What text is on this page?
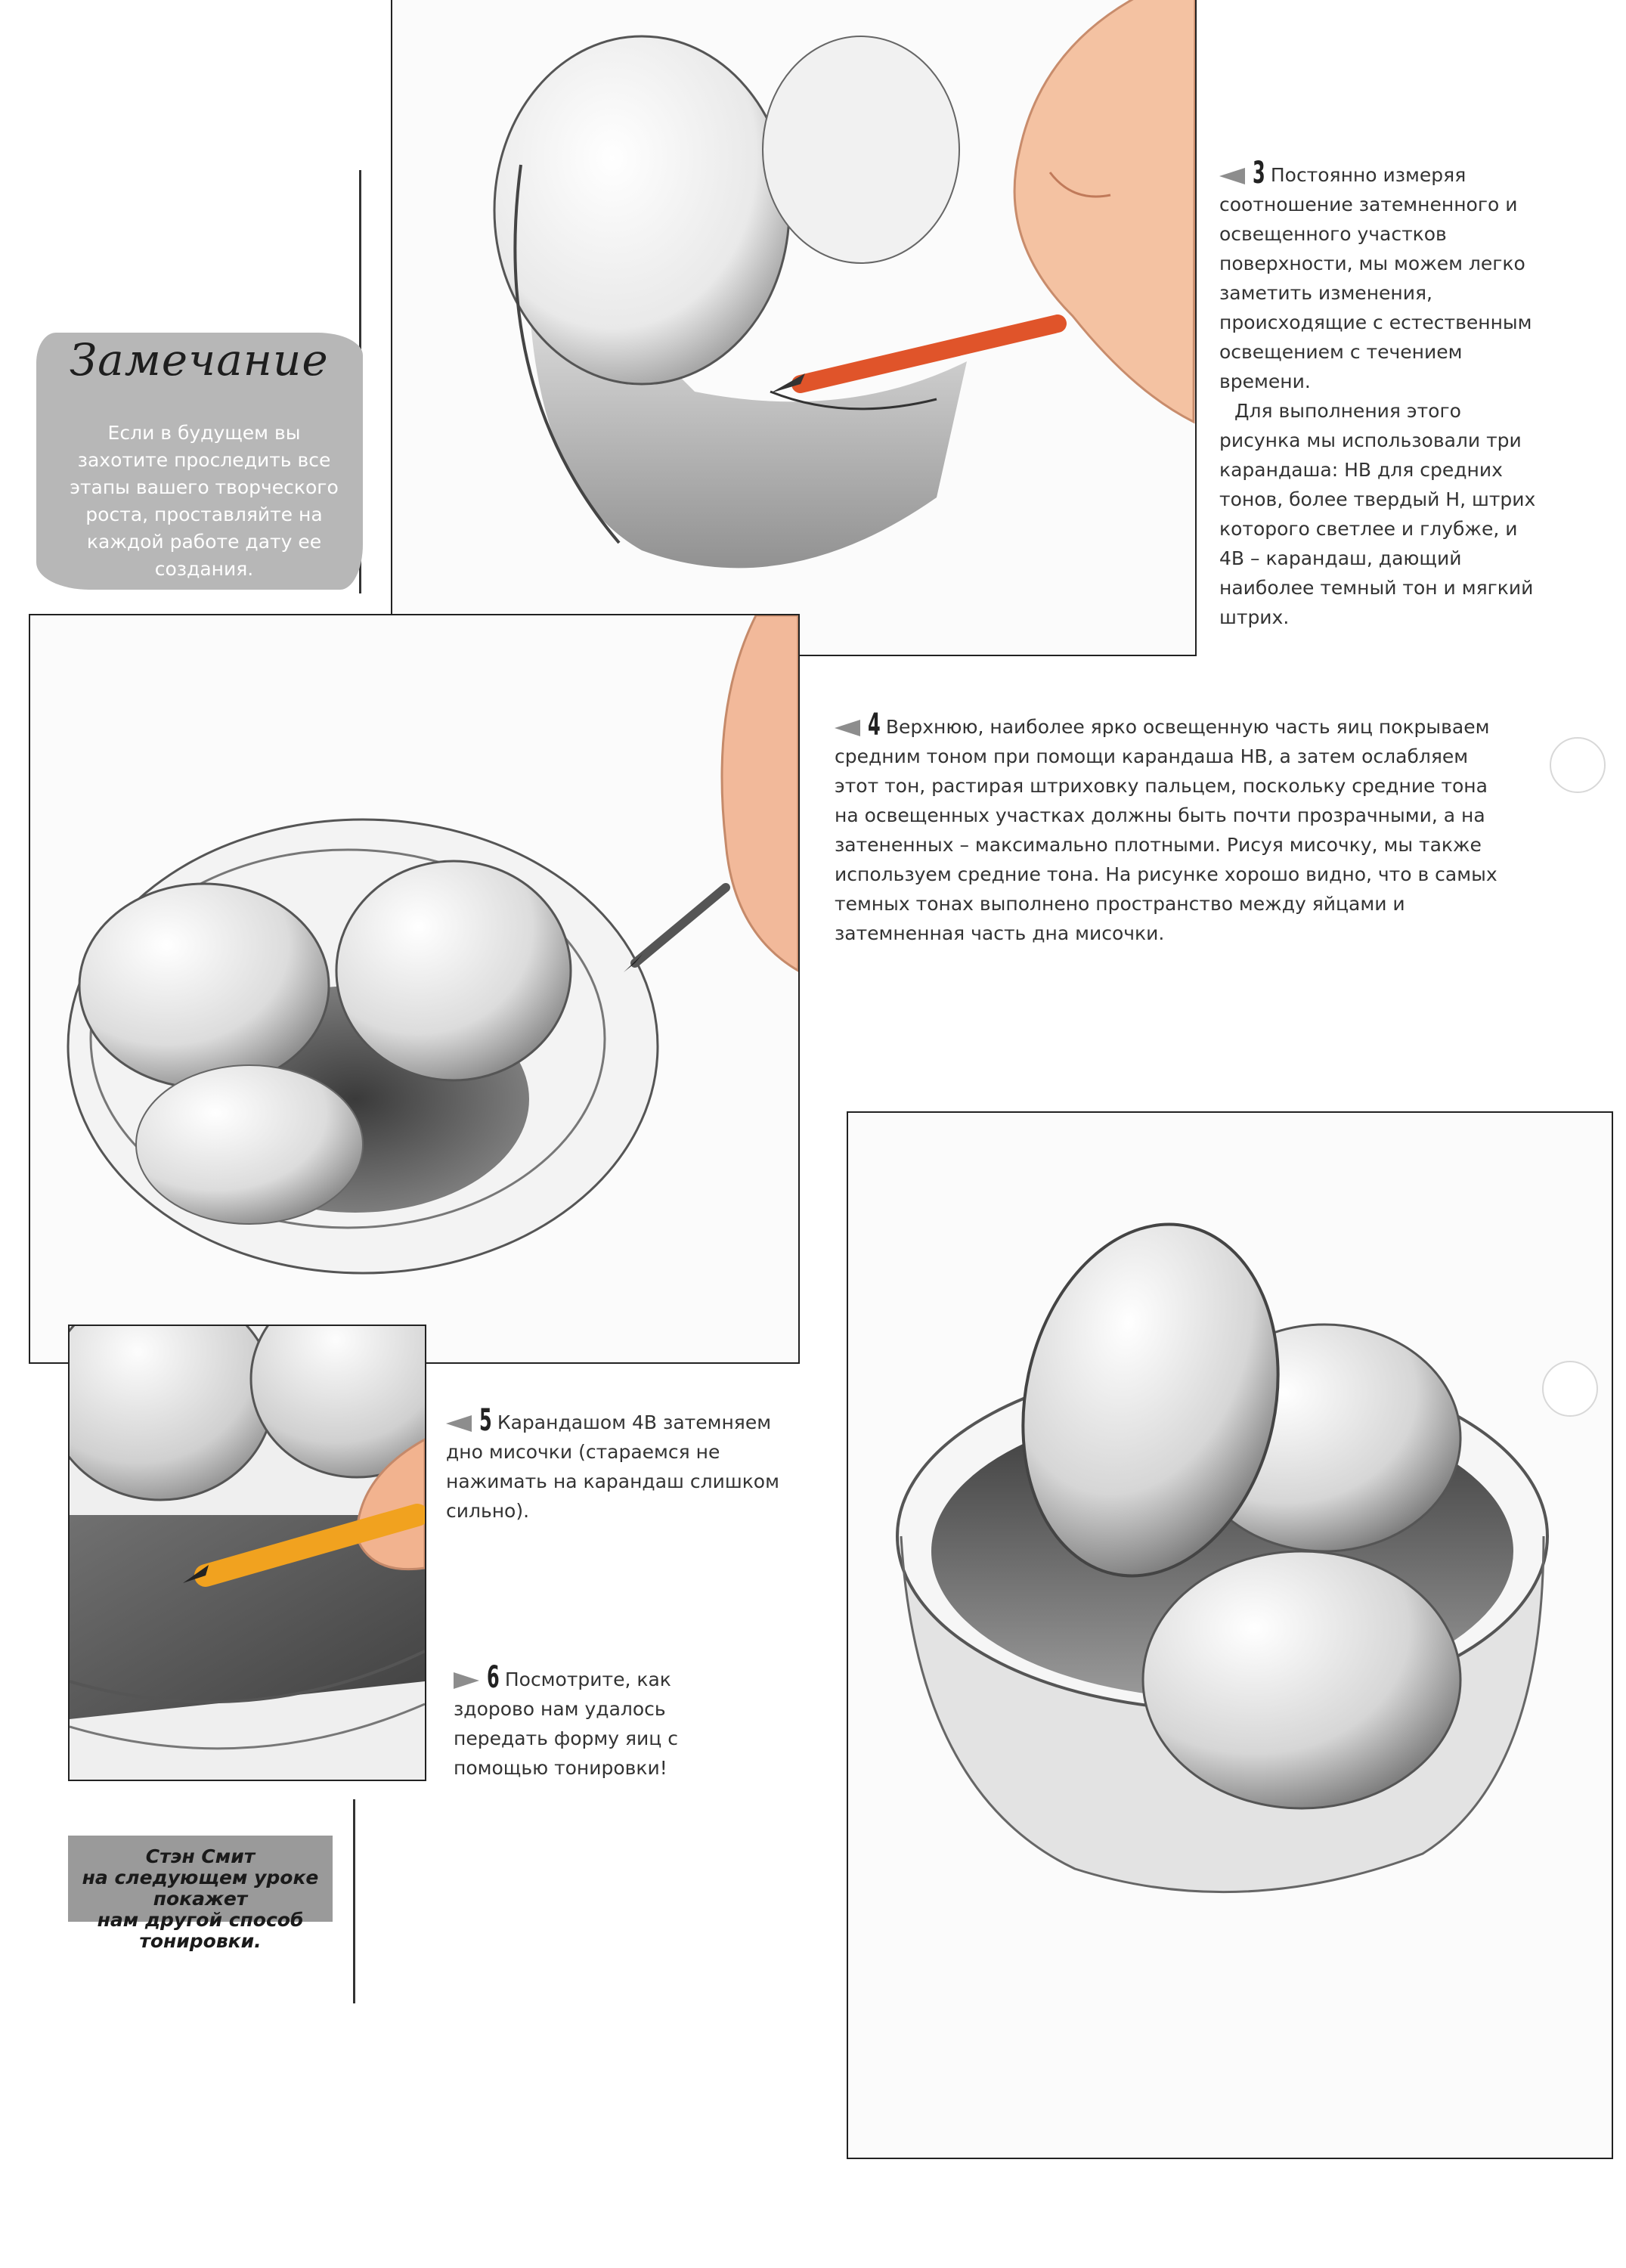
Замечание
Если в будущем вы захотите проследить все этапы вашего творческого роста, проставляйте на каждой работе дату ее создания.

3 Постоянно измеряя соотношение затемненного и освещенного участков поверхности, мы можем легко заметить изменения, происходящие с естественным освещением с течением времени.

Для выполнения этого рисунка мы использовали три карандаша: НВ для средних тонов, более твердый Н, штрих которого светлее и глубже, и 4В – карандаш, дающий наиболее темный тон и мягкий штрих.

4 Верхнюю, наиболее ярко освещенную часть яиц покрываем средним тоном при помощи карандаша НВ, а затем ослабляем этот тон, растирая штриховку пальцем, поскольку средние тона на освещенных участках должны быть почти прозрачными, а на затененных – максимально плотными. Рисуя мисочку, мы также используем средние тона. На рисунке хорошо видно, что в самых темных тонах выполнено пространство между яйцами и затемненная часть дна мисочки.

5 Карандашом 4В затемняем дно мисочки (стараемся не нажимать на карандаш слишком сильно).

6 Посмотрите, как здорово нам удалось передать форму яиц с помощью тонировки!

Стэн Смит
на следующем уроке покажет
нам другой способ тонировки.
